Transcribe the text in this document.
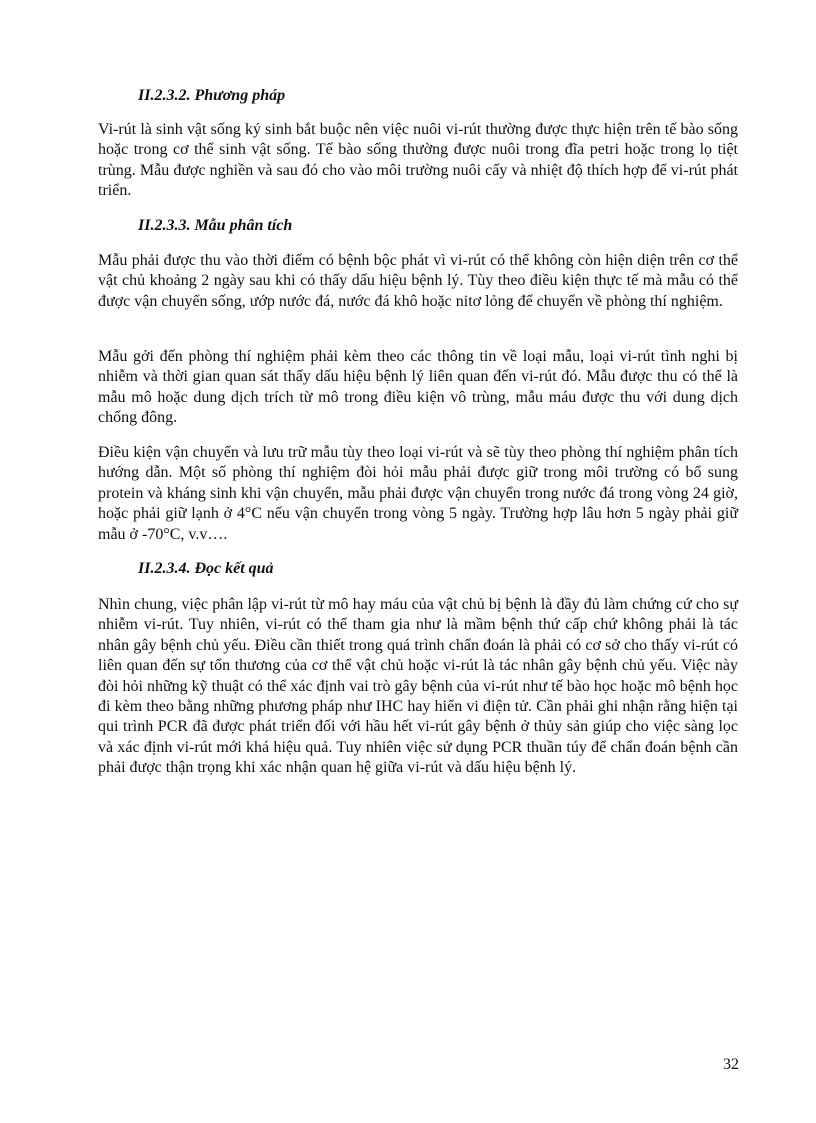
II.2.3.2. Phương pháp

Vi-rút là sinh vật sống ký sinh bắt buộc nên việc nuôi vi-rút thường được thực hiện trên tế bào sống hoặc trong cơ thể sinh vật sống. Tế bào sống thường được nuôi trong đĩa petri hoặc trong lọ tiệt trùng. Mẫu được nghiền và sau đó cho vào môi trường nuôi cấy và nhiệt độ thích hợp để vi-rút phát triển.

II.2.3.3. Mẫu phân tích

Mẫu phải được thu vào thời điểm có bệnh bộc phát vì vi-rút có thể không còn hiện diện trên cơ thể vật chủ khoảng 2 ngày sau khi có thấy dấu hiệu bệnh lý. Tùy theo điều kiện thực tế mà mẫu có thể được vận chuyển sống, ướp nước đá, nước đá khô hoặc nitơ lỏng để chuyển về phòng thí nghiệm.

Mẫu gởi đến phòng thí nghiệm phải kèm theo các thông tin về loại mẫu, loại vi-rút tình nghi bị nhiễm và thời gian quan sát thấy dấu hiệu bệnh lý liên quan đến vi-rút đó. Mẫu được thu có thể là mẫu mô hoặc dung dịch trích từ mô trong điều kiện vô trùng, mẫu máu được thu với dung dịch chống đông.

Điều kiện vận chuyển và lưu trữ mẫu tùy theo loại vi-rút và sẽ tùy theo phòng thí nghiệm phân tích hướng dẫn. Một số phòng thí nghiệm đòi hỏi mẫu phải được giữ trong môi trường có bổ sung protein và kháng sinh khi vận chuyển, mẫu phải được vận chuyển trong nước đá trong vòng 24 giờ, hoặc phải giữ lạnh ở 4°C nếu vận chuyển trong vòng 5 ngày. Trường hợp lâu hơn 5 ngày phải giữ mẫu ở -70°C, v.v….

II.2.3.4. Đọc kết quả

Nhìn chung, việc phân lập vi-rút từ mô hay máu của vật chủ bị bệnh là đầy đủ làm chứng cứ cho sự nhiễm vi-rút. Tuy nhiên, vi-rút có thể tham gia như là mầm bệnh thứ cấp chứ không phải là tác nhân gây bệnh chủ yếu. Điều cần thiết trong quá trình chẩn đoán là phải có cơ sở cho thấy vi-rút có liên quan đến sự tổn thương của cơ thể vật chủ hoặc vi-rút là tác nhân gây bệnh chủ yếu. Việc này đòi hỏi những kỹ thuật có thể xác định vai trò gây bệnh của vi-rút như tế bào học hoặc mô bệnh học đi kèm theo bằng những phương pháp như IHC hay hiển vi điện tử. Cần phải ghi nhận rằng hiện tại qui trình PCR đã được phát triển đối với hầu hết vi-rút gây bệnh ở thủy sản giúp cho việc sàng lọc và xác định vi-rút mới khá hiệu quả. Tuy nhiên việc sử dụng PCR thuần túy để chẩn đoán bệnh cần phải được thận trọng khi xác nhận quan hệ giữa vi-rút và dấu hiệu bệnh lý.

32
